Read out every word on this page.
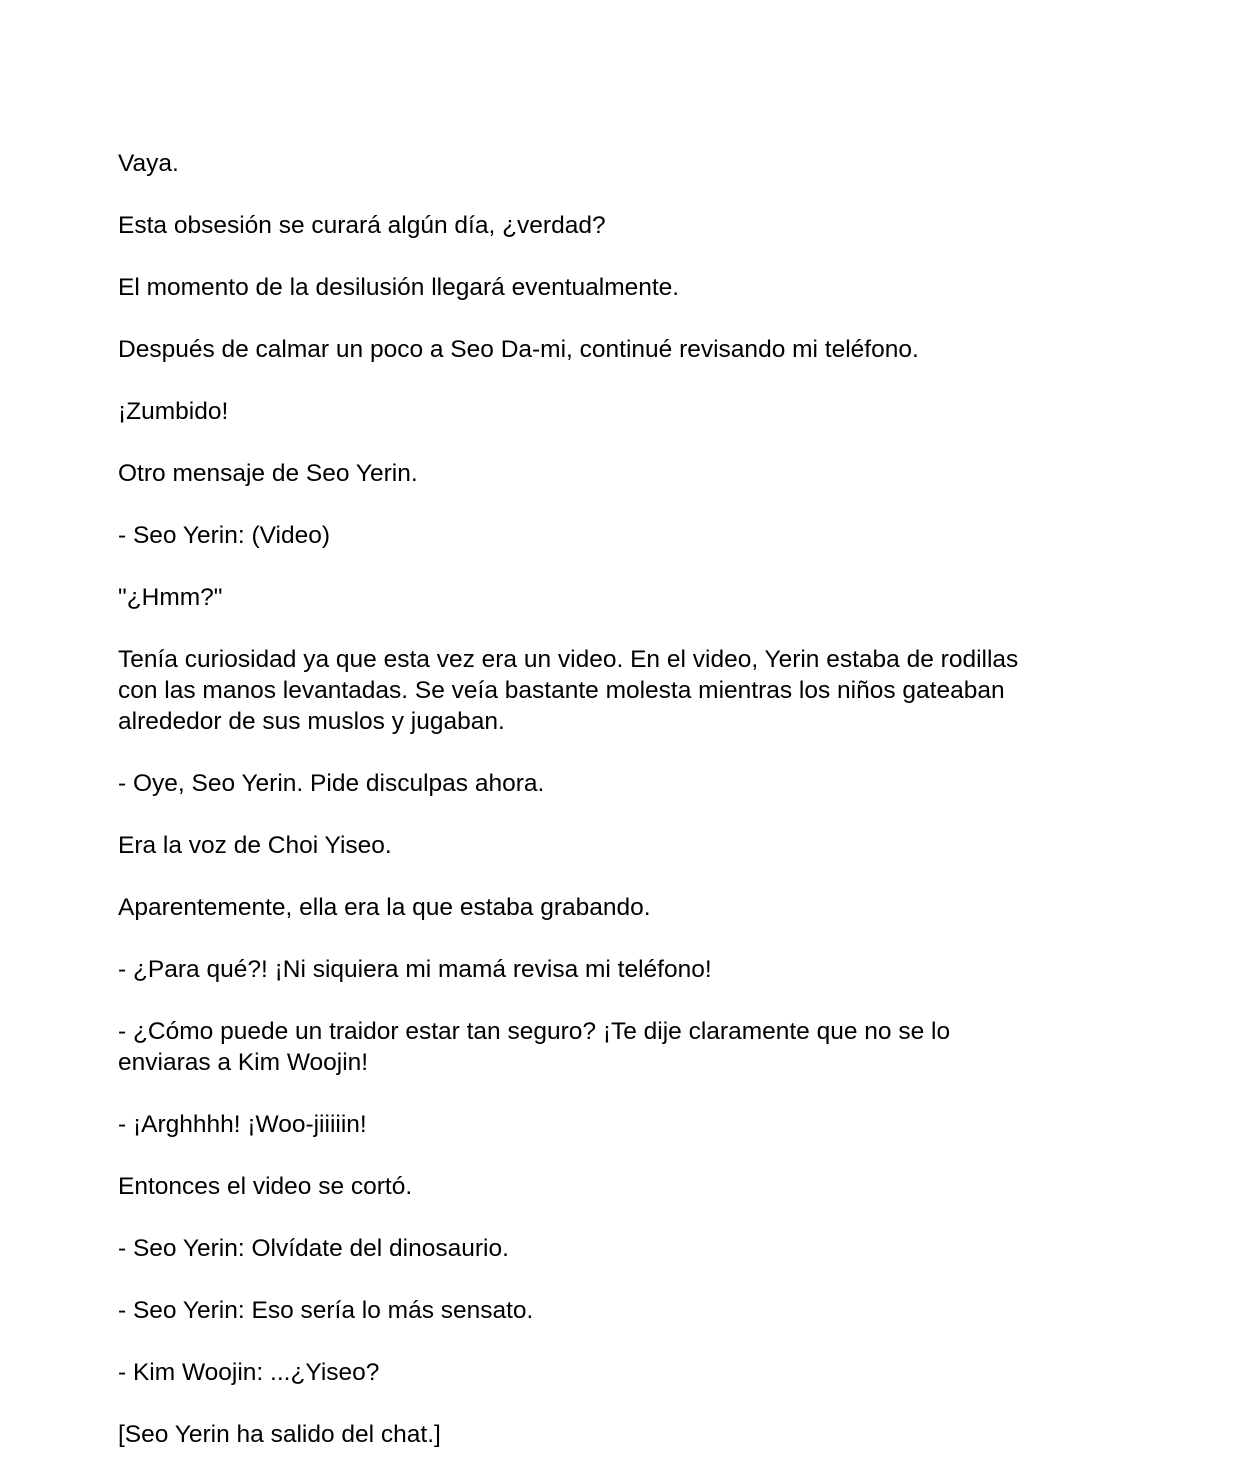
Vaya.

Esta obsesión se curará algún día, ¿verdad?

El momento de la desilusión llegará eventualmente.

Después de calmar un poco a Seo Da-mi, continué revisando mi teléfono.

¡Zumbido!

Otro mensaje de Seo Yerin.

- Seo Yerin: (Video)

"¿Hmm?"

Tenía curiosidad ya que esta vez era un video. En el video, Yerin estaba de rodillas
con las manos levantadas. Se veía bastante molesta mientras los niños gateaban
alrededor de sus muslos y jugaban.

- Oye, Seo Yerin. Pide disculpas ahora.

Era la voz de Choi Yiseo.

Aparentemente, ella era la que estaba grabando.

- ¿Para qué?! ¡Ni siquiera mi mamá revisa mi teléfono!

- ¿Cómo puede un traidor estar tan seguro? ¡Te dije claramente que no se lo
enviaras a Kim Woojin!

- ¡Arghhhh! ¡Woo-jiiiiin!

Entonces el video se cortó.

- Seo Yerin: Olvídate del dinosaurio.

- Seo Yerin: Eso sería lo más sensato.

- Kim Woojin: ...¿Yiseo?

[Seo Yerin ha salido del chat.]
